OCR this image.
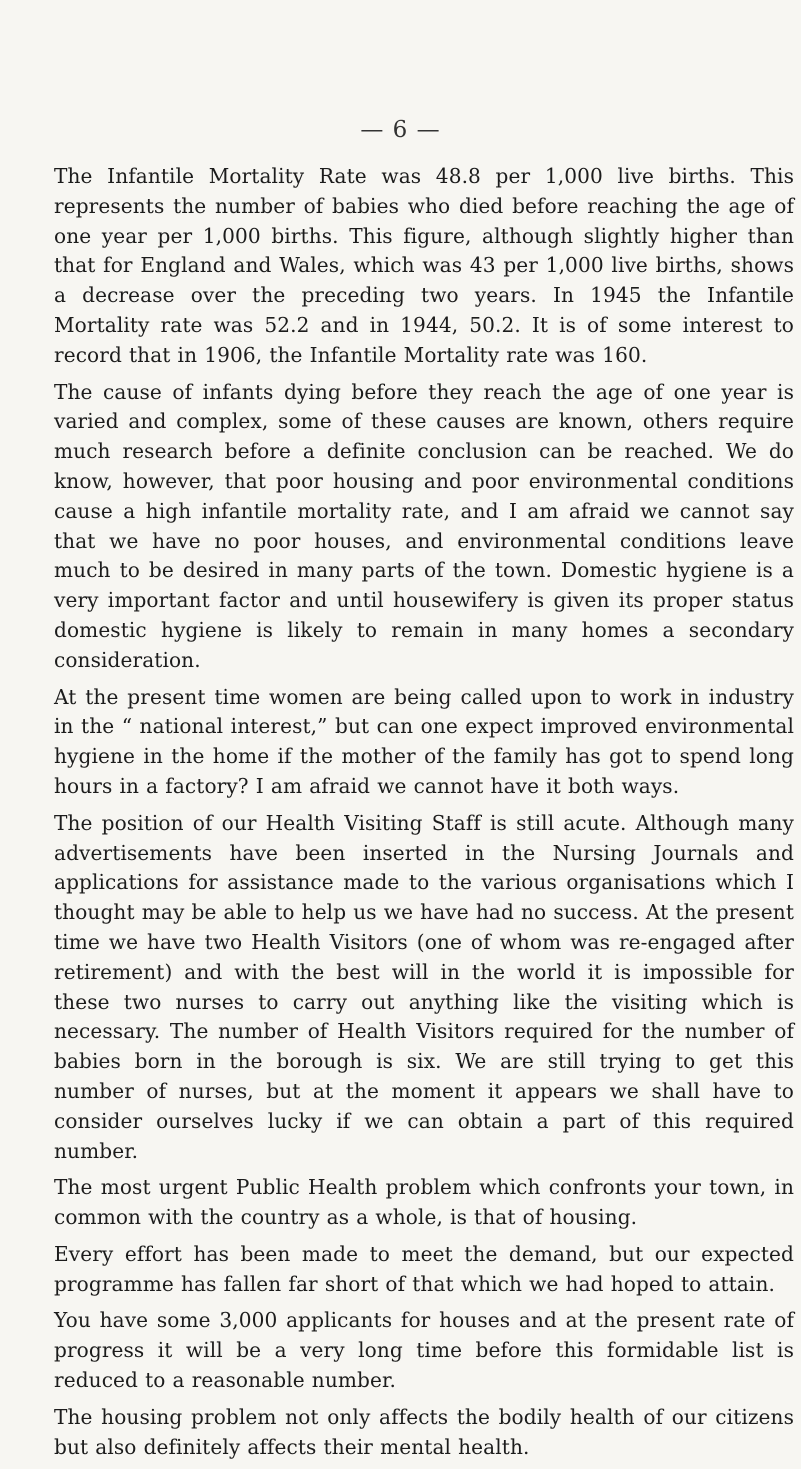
— 6 —

The Infantile Mortality Rate was 48.8 per 1,000 live births. This represents the number of babies who died before reaching the age of one year per 1,000 births. This figure, although slightly higher than that for England and Wales, which was 43 per 1,000 live births, shows a decrease over the preceding two years. In 1945 the Infantile Mortality rate was 52.2 and in 1944, 50.2. It is of some interest to record that in 1906, the Infantile Mortality rate was 160.

The cause of infants dying before they reach the age of one year is varied and complex, some of these causes are known, others require much research before a definite conclusion can be reached. We do know, however, that poor housing and poor environmental conditions cause a high infantile mortality rate, and I am afraid we cannot say that we have no poor houses, and environmental conditions leave much to be desired in many parts of the town. Domestic hygiene is a very important factor and until housewifery is given its proper status domestic hygiene is likely to remain in many homes a secondary consideration.

At the present time women are being called upon to work in industry in the “ national interest,” but can one expect improved environmental hygiene in the home if the mother of the family has got to spend long hours in a factory? I am afraid we cannot have it both ways.

The position of our Health Visiting Staff is still acute. Although many advertisements have been inserted in the Nursing Journals and applications for assistance made to the various organisations which I thought may be able to help us we have had no success. At the present time we have two Health Visitors (one of whom was re-engaged after retirement) and with the best will in the world it is impossible for these two nurses to carry out anything like the visiting which is necessary. The number of Health Visitors required for the number of babies born in the borough is six. We are still trying to get this number of nurses, but at the moment it appears we shall have to consider ourselves lucky if we can obtain a part of this required number.

The most urgent Public Health problem which confronts your town, in common with the country as a whole, is that of housing.

Every effort has been made to meet the demand, but our expected programme has fallen far short of that which we had hoped to attain.

You have some 3,000 applicants for houses and at the present rate of progress it will be a very long time before this formidable list is reduced to a reasonable number.

The housing problem not only affects the bodily health of our citizens but also definitely affects their mental health.
